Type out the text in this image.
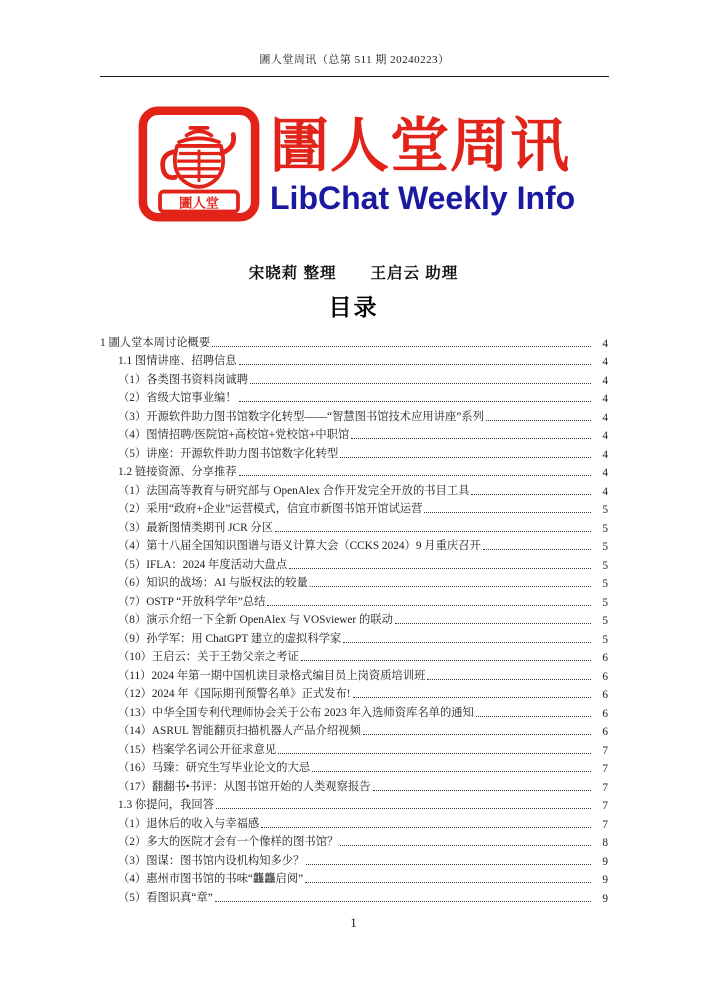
圕人堂周讯（总第 511 期 20240223）
圕人堂
圕人堂周讯
LibChat Weekly Info
宋晓莉 整理 王启云 助理
目录
1 圕人堂本周讨论概要	4
1.1 图情讲座、招聘信息	4
（1）各类图书资料岗诚聘	4
（2）省级大馆事业编！	4
（3）开源软件助力图书馆数字化转型——“智慧图书馆技术应用讲座”系列	4
（4）图情招聘/医院馆+高校馆+党校馆+中职馆	4
（5）讲座：开源软件助力图书馆数字化转型	4
1.2 链接资源、分享推荐	4
（1）法国高等教育与研究部与 OpenAlex 合作开发完全开放的书目工具	4
（2）采用“政府+企业”运营模式，信宜市新图书馆开馆试运营	5
（3）最新图情类期刊 JCR 分区	5
（4）第十八届全国知识图谱与语义计算大会（CCKS 2024）9 月重庆召开	5
（5）IFLA：2024 年度活动大盘点	5
（6）知识的战场：AI 与版权法的较量	5
（7）OSTP “开放科学年”总结	5
（8）演示介绍一下全新 OpenAlex 与 VOSviewer 的联动	5
（9）孙学军：用 ChatGPT 建立的虚拟科学家	5
（10）王启云：关于王勃父亲之考证	6
（11）2024 年第一期中国机读目录格式编目员上岗资质培训班	6
（12）2024 年《国际期刊预警名单》正式发布!	6
（13）中华全国专利代理师协会关于公布 2023 年入选师资库名单的通知	6
（14）ASRUL 智能翻页扫描机器人产品介绍视频	6
（15）档案学名词公开征求意见	7
（16）马臻：研究生写毕业论文的大忌	7
（17）翻翻书•书评：从图书馆开始的人类观察报告	7
1.3 你提问，我回答	7
（1）退休后的收入与幸福感	7
（2）多大的医院才会有一个像样的图书馆？	8
（3）图谋：图书馆内设机构知多少？	9
（4）惠州市图书馆的书味“龘龘启阅”	9
（5）看图识真“章”	9
1
